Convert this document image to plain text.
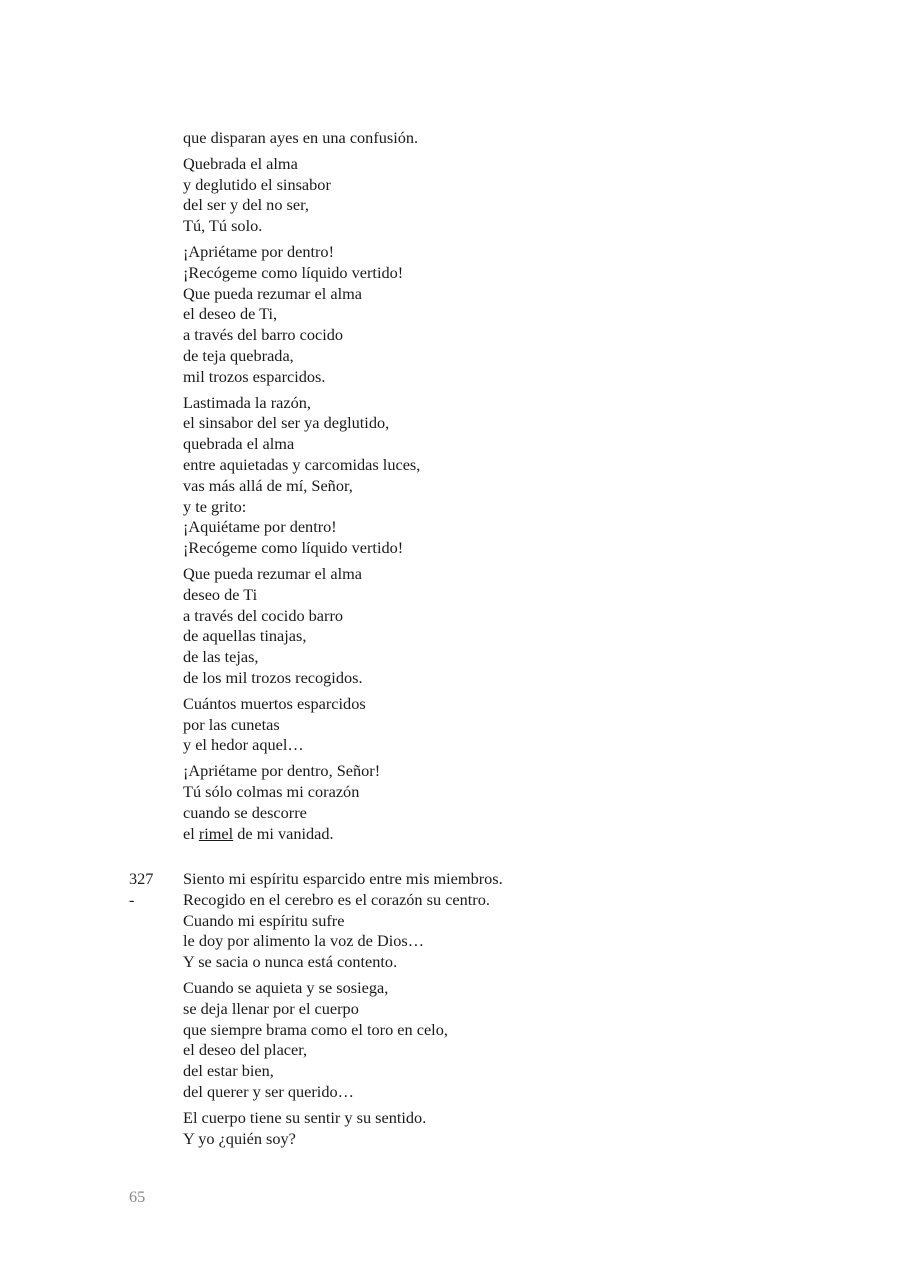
que disparan ayes en una confusión.
Quebrada el alma
y deglutido el sinsabor
del ser y del no ser,
Tú, Tú solo.
¡Apriétame por dentro!
¡Recógeme como líquido vertido!
Que pueda rezumar el alma
el deseo de Ti,
a través del barro cocido
de teja quebrada,
mil trozos esparcidos.
Lastimada la razón,
el sinsabor del ser ya deglutido,
quebrada el alma
entre aquietadas y carcomidas luces,
vas más allá de mí, Señor,
y te grito:
¡Aquiétame por dentro!
¡Recógeme como líquido vertido!
Que pueda rezumar el alma
deseo de Ti
a través del cocido barro
de aquellas tinajas,
de las tejas,
de los mil trozos recogidos.
Cuántos muertos esparcidos
por las cunetas
y el hedor aquel…
¡Apriétame por dentro, Señor!
Tú sólo colmas mi corazón
cuando se descorre
el rimel de mi vanidad.
327 -
Siento mi espíritu esparcido entre mis miembros.
Recogido en el cerebro es el corazón su centro.
Cuando mi espíritu sufre
le doy por alimento la voz de Dios…
Y se sacia o nunca está contento.
Cuando se aquieta y se sosiega,
se deja llenar por el cuerpo
que siempre brama como el toro en celo,
el deseo del placer,
del estar bien,
del querer y ser querido…
El cuerpo tiene su sentir y su sentido.
Y yo ¿quién soy?
65
